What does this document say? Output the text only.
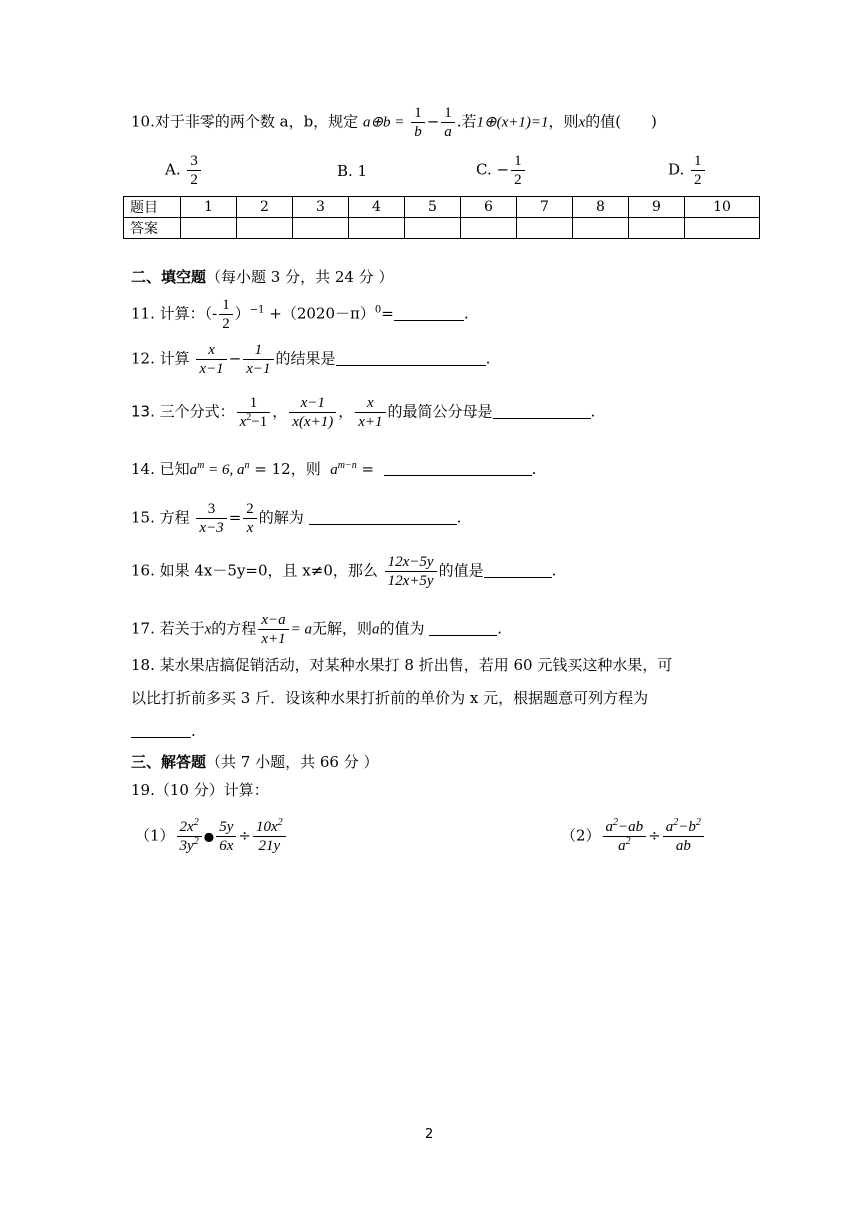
10.对于非零的两个数 a，b，规定 a⊕b = $\frac{1}{b} - \frac{1}{a}$ .若1⊕(x+1)=1，则x的值(　　)
A. $\frac{3}{2}$	B. 1	C. − $\frac{1}{2}$	D. $\frac{1}{2}$
题目	1	2	3	4	5	6	7	8	9	10
答案										
二、填空题（每小题 3 分，共 24 分 ）
11. 计算：（- $\frac{1}{2} )^{-1} +(2020-\pi)^0=$	.
12. 计算 $\frac{x}{x-1} - \frac{1}{x-1}$ 的结果是	.
13. 三个分式： $\frac{1}{x^2-1}$ ， $\frac{x-1}{x(x+1)}$ ， $\frac{x}{x+1}$ 的最简公分母是	.
14. 已知$a^m = 6$, $a^n = 12$，则 $a^{m-n}$ =	.
15. 方程 $\frac{3}{x-3} = \frac{2}{x}$ 的解为	.
16. 如果 4x－5y=0，且 x≠0，那么 $\frac{12x-5y}{12x+5y}$ 的值是	.
17. 若关于x的方程 $\frac{x-a}{x+1} = a$无解，则a的值为	.
18. 某水果店搞促销活动，对某种水果打 8 折出售，若用 60 元钱买这种水果，可
以比打折前多买 3 斤．设该种水果打折前的单价为 x 元，根据题意可列方程为
.
三、解答题（共 7 小题，共 66 分 ）
19.（10 分）计算：
$(1) \frac{2x^2}{3y^2}$ ● $\frac{5y}{6x} \div \frac{10x^2}{21y}$	$(2) \frac{a^2-ab}{a^2} \div \frac{a^2-b^2}{ab}$
2
